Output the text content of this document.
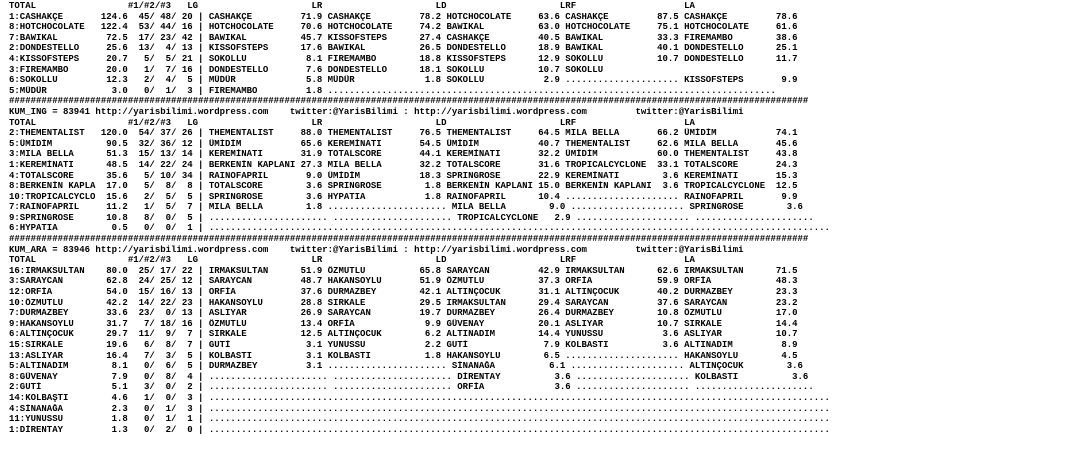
TOTAL                 #1/#2/#3   LG                     LR                     LD                     LRF                    LA
1:CASHAKÇE       124.6  45/ 48/ 20 | CASHAKÇE         71.9 CASHAKÇE         78.2 HOTCHOCOLATE     63.6 CASHAKÇE         87.5 CASHAKÇE         78.6
8:HOTCHOCOLATE   122.4  53/ 44/ 16 | HOTCHOCOLATE     70.6 HOTCHOCOLATE     74.2 BAWIKAL          63.0 HOTCHOCOLATE     75.1 HOTCHOCOLATE     61.6
7:BAWIKAL         72.5  17/ 23/ 42 | BAWIKAL          45.7 KISSOFSTEPS      27.4 CASHAKÇE         40.5 BAWIKAL          33.3 FIREMAMBO        38.6
2:DONDESTELLO     25.6  13/  4/ 13 | KISSOFSTEPS      17.6 BAWIKAL          26.5 DONDESTELLO      18.9 BAWIKAL          40.1 DONDESTELLO      25.1
4:KISSOFSTEPS     20.7   5/  5/ 21 | SOKOLLU           8.1 FIREMAMBO        18.8 KISSOFSTEPS      12.9 SOKOLLU          10.7 DONDESTELLO      11.7
3:FIREMAMBO       20.0   1/  7/ 16 | DONDESTELLO       7.6 DONDESTELLO      18.1 SOKOLLU          10.7 SOKOLLU
6:SOKOLLU         12.3   2/  4/  5 | MÜDÜR             5.8 MÜDÜR             1.8 SOKOLLU           2.9 ..................... KISSOFSTEPS       9.9
5:MÜDÜR            3.0   0/  1/  3 | FIREMAMBO         1.8 ...................................................................................
####################################################################################################################################################
KUM_ING = 83941 http://yarisbilimi.wordpress.com    twitter:@YarisBilimi : http://yarisbilimi.wordpress.com         twitter:@YarisBilimi
TOTAL                 #1/#2/#3   LG                     LR                     LD                     LRF                    LA
2:THEMENTALIST   120.0  54/ 37/ 26 | THEMENTALIST     88.0 THEMENTALIST     76.5 THEMENTALIST     64.5 MILA BELLA       66.2 ÜMİDİM           74.1
5:ÜMİDİM          90.5  32/ 36/ 12 | ÜMİDİM           65.6 KEREMİNATI       54.5 ÜMİDİM           40.7 THEMENTALIST     62.6 MILA BELLA       45.6
3:MILA BELLA      51.3  15/ 13/ 14 | KEREMİNATI       31.9 TOTALSCORE       44.1 KEREMİNATI       32.2 ÜMİDİM           60.0 THEMENTALIST     43.8
1:KEREMİNATI      48.5  14/ 22/ 24 | BERKENİN KAPLANI 27.3 MILA BELLA       32.2 TOTALSCORE       31.6 TROPICALCYCLONE  33.1 TOTALSCORE       24.3
4:TOTALSCORE      35.6   5/ 10/ 34 | RAINOFAPRIL       9.0 ÜMİDİM           18.3 SPRINGROSE       22.9 KEREMİNATI        3.6 KEREMİNATI       15.3
8:BERKENİN KAPLA  17.0   5/  8/  8 | TOTALSCORE        3.6 SPRINGROSE        1.8 BERKENİN KAPLANI 15.0 BERKENİN KAPLANI  3.6 TROPICALCYCLONE  12.5
10:TROPICALCYCLO  15.6   2/  5/  5 | SPRINGROSE        3.6 HYPATIA           1.8 RAINOFAPRIL      10.4 ..................... RAINOFAPRIL       9.9
7:RAINOFAPRIL     11.2   1/  5/  7 | MILA BELLA        1.8 ...................... MILA BELLA        9.0 ..................... SPRINGROSE        3.6
9:SPRINGROSE      10.8   8/  0/  5 | ...................... ...................... TROPICALCYCLONE   2.9 ..................... ......................
6:HYPATIA          0.5   0/  0/  1 | ...................................................................................................................
####################################################################################################################################################
KUM_ARA = 83946 http://yarisbilimi.wordpress.com    twitter:@YarisBilimi : http://yarisbilimi.wordpress.com         twitter:@YarisBilimi
TOTAL                 #1/#2/#3   LG                     LR                     LD                     LRF                    LA
16:IRMAKSULTAN    80.0  25/ 17/ 22 | IRMAKSULTAN      51.9 ÖZMUTLU          65.8 SARAYCAN         42.9 IRMAKSULTAN      62.6 IRMAKSULTAN      71.5
3:SARAYCAN        62.8  24/ 25/ 12 | SARAYCAN         48.7 HAKANSOYLU       51.9 ÖZMUTLU          37.3 ORFİA            59.9 ORFİA            48.3
12:ORFİA          54.0  15/ 16/ 13 | ORFİA            37.6 DURMAZBEY        42.1 ALTINÇOCUK       31.1 ALTINÇOCUK       40.2 DURMAZBEY        23.3
10:ÖZMUTLU        42.2  14/ 22/ 23 | HAKANSOYLU       28.8 SIRKALE          29.5 IRMAKSULTAN      29.4 SARAYCAN         37.6 SARAYCAN         23.2
7:DURMAZBEY       33.6  23/  0/ 13 | ASLIYAR          26.9 SARAYCAN         19.7 DURMAZBEY        26.4 DURMAZBEY        10.8 ÖZMUTLU          17.0
9:HAKANSOYLU      31.7   7/ 18/ 16 | ÖZMUTLU          13.4 ORFİA             9.9 GÜVENAY          20.1 ASLIYAR          10.7 SIRKALE          14.4
6:ALTINÇOCUK      29.7  11/  9/  7 | SIRKALE          12.5 ALTINÇOCUK        6.2 ALTINADIM        14.4 YUNUSSU           3.6 ASLIYAR          10.7
15:SIRKALE        19.6   6/  8/  7 | GUTİ              3.1 YUNUSSU           2.2 GUTİ              7.9 KOLBASTI          3.6 ALTINADIM         8.9
13:ASLIYAR        16.4   7/  3/  5 | KOLBASTI          3.1 KOLBASTI          1.8 HAKANSOYLU        6.5 ..................... HAKANSOYLU        4.5
5:ALTINADIM        8.1   0/  6/  5 | DURMAZBEY         3.1 ...................... SİNANAĞA          6.1 ..................... ALTINÇOCUK        3.6
8:GÜVENAY          7.9   0/  8/  4 | ...................... ...................... DİRENTAY          3.6 ..................... KOLBASTI          3.6
2:GUTİ             5.1   3/  0/  2 | ...................... ...................... ORFİA             3.6 ..................... ......................
14:KOLBAŞTI        4.6   1/  0/  3 | ...................................................................................................................
4:SİNANAĞA         2.3   0/  1/  3 | ...................................................................................................................
11:YUNUSSU         1.8   0/  1/  1 | ...................................................................................................................
1:DİRENTAY         1.3   0/  2/  0 | ...................................................................................................................
